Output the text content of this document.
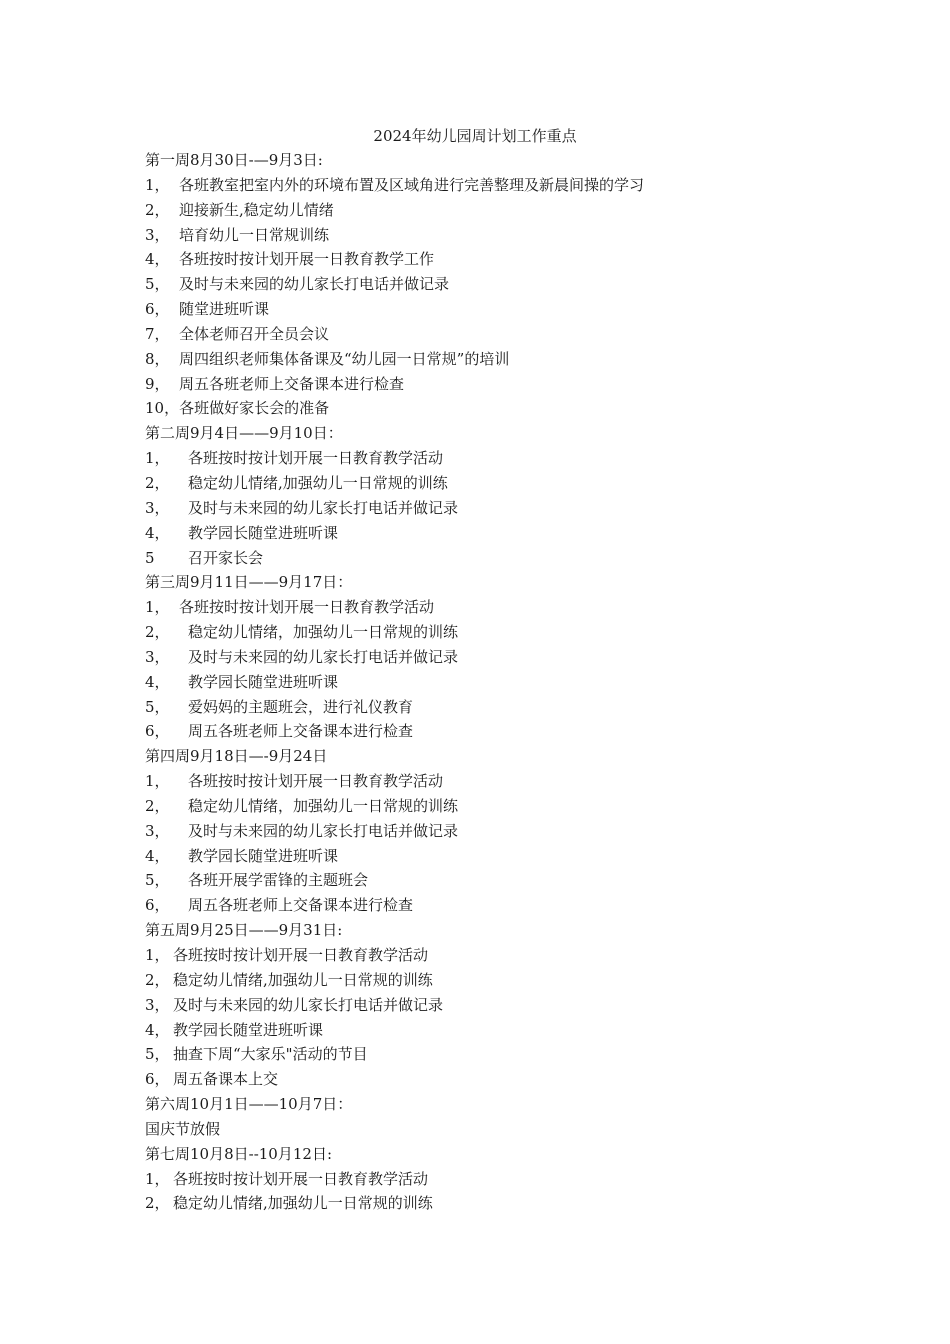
2024年幼儿园周计划工作重点
第一周8月30日-—9月3日:
1， 各班教室把室内外的环境布置及区域角进行完善整理及新晨间操的学习
2， 迎接新生,稳定幼儿情绪
3， 培育幼儿一日常规训练
4， 各班按时按计划开展一日教育教学工作
5， 及时与未来园的幼儿家长打电话并做记录
6， 随堂进班听课
7， 全体老师召开全员会议
8， 周四组织老师集体备课及“幼儿园一日常规”的培训
9， 周五各班老师上交备课本进行检查
10，各班做好家长会的准备
第二周9月4日——9月10日：
1， 各班按时按计划开展一日教育教学活动
2， 稳定幼儿情绪,加强幼儿一日常规的训练
3， 及时与未来园的幼儿家长打电话并做记录
4， 教学园长随堂进班听课
5 召开家长会
第三周9月11日——9月17日：
1， 各班按时按计划开展一日教育教学活动
2， 稳定幼儿情绪，加强幼儿一日常规的训练
3， 及时与未来园的幼儿家长打电话并做记录
4， 教学园长随堂进班听课
5， 爱妈妈的主题班会，进行礼仪教育
6， 周五各班老师上交备课本进行检查
第四周9月18日—-9月24日
1， 各班按时按计划开展一日教育教学活动
2， 稳定幼儿情绪，加强幼儿一日常规的训练
3， 及时与未来园的幼儿家长打电话并做记录
4， 教学园长随堂进班听课
5， 各班开展学雷锋的主题班会
6， 周五各班老师上交备课本进行检查
第五周9月25日——9月31日:
1， 各班按时按计划开展一日教育教学活动
2， 稳定幼儿情绪,加强幼儿一日常规的训练
3， 及时与未来园的幼儿家长打电话并做记录
4， 教学园长随堂进班听课
5， 抽查下周“大家乐"活动的节目
6， 周五备课本上交
第六周10月1日——10月7日：
国庆节放假
第七周10月8日--10月12日:
1， 各班按时按计划开展一日教育教学活动
2， 稳定幼儿情绪,加强幼儿一日常规的训练
